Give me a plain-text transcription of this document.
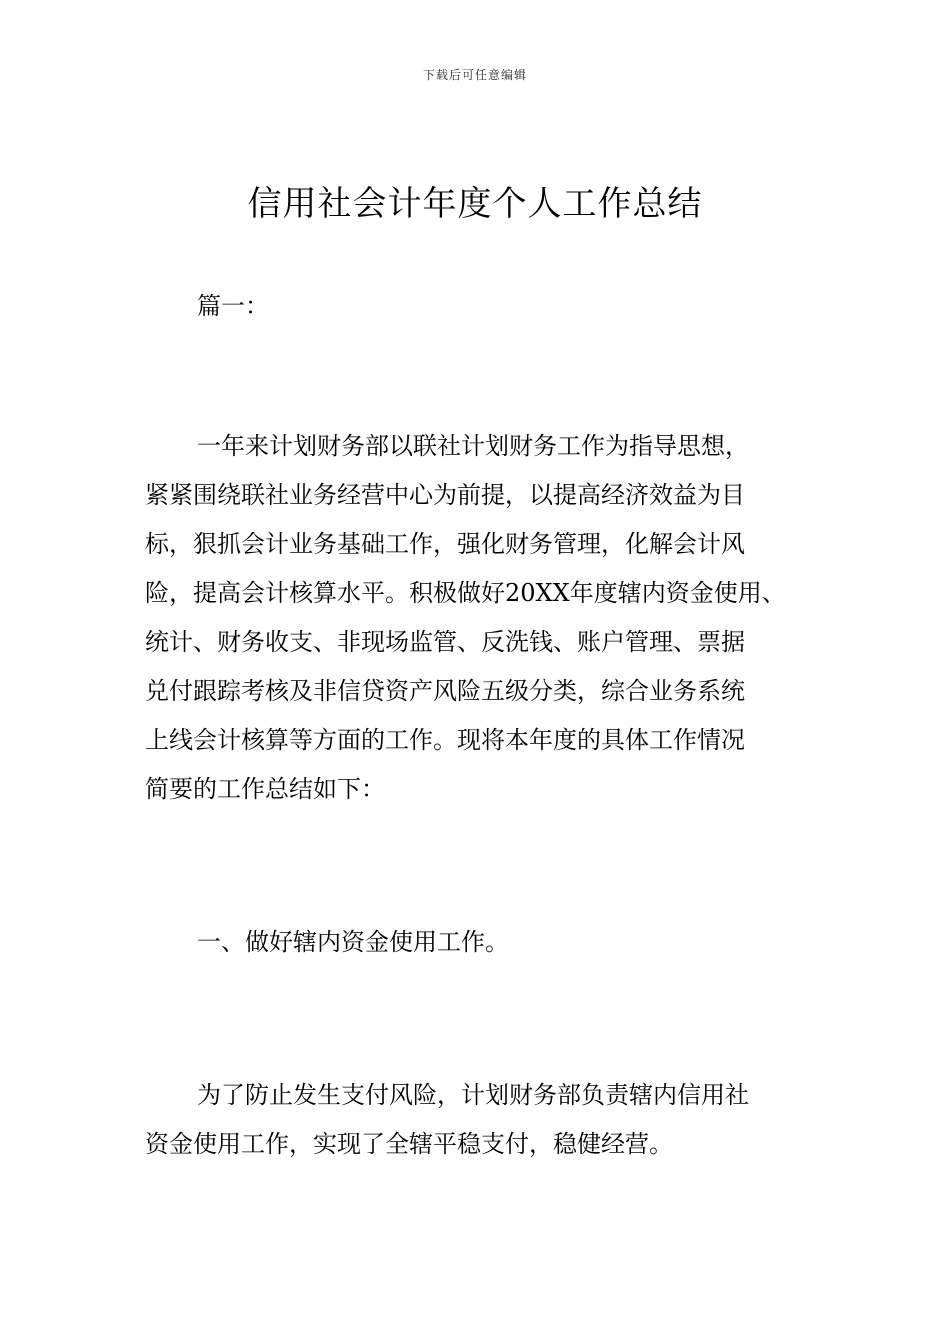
下载后可任意编辑
信用社会计年度个人工作总结
篇一：
一年来计划财务部以联社计划财务工作为指导思想，
紧紧围绕联社业务经营中心为前提，以提高经济效益为目
标，狠抓会计业务基础工作，强化财务管理，化解会计风
险，提高会计核算水平。积极做好20XX年度辖内资金使用、
统计、财务收支、非现场监管、反洗钱、账户管理、票据
兑付跟踪考核及非信贷资产风险五级分类，综合业务系统
上线会计核算等方面的工作。现将本年度的具体工作情况
简要的工作总结如下：
一、做好辖内资金使用工作。
为了防止发生支付风险，计划财务部负责辖内信用社
资金使用工作，实现了全辖平稳支付，稳健经营。
